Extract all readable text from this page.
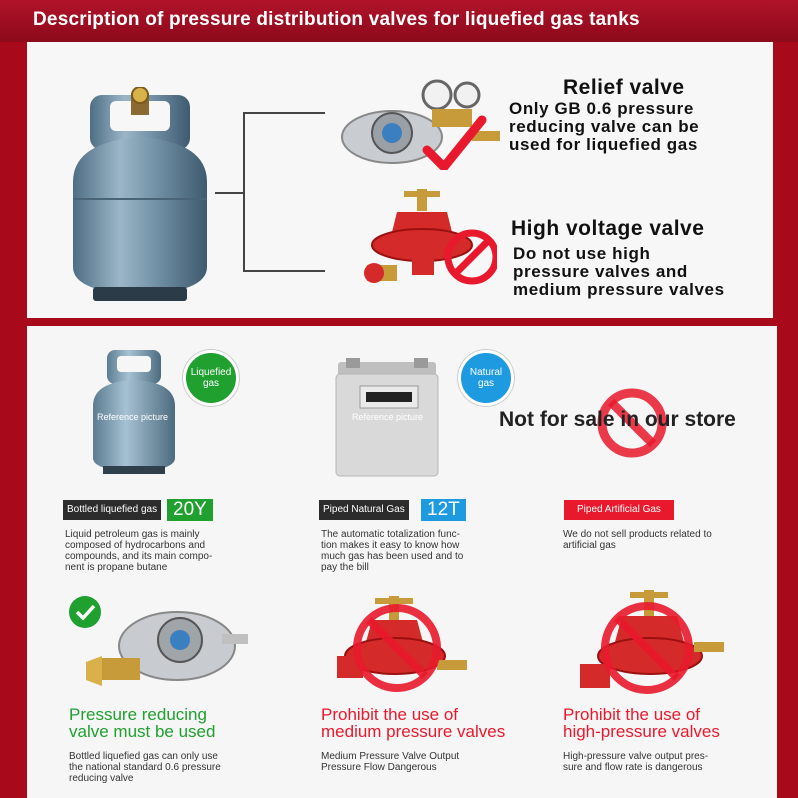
Description of pressure distribution valves for liquefied gas tanks
Relief valve
Only GB 0.6 pressure
reducing valve can be
used for liquefied gas
High voltage valve
Do not use high
pressure valves and
medium pressure valves
Reference picture
Liquefied
gas
Reference picture
Natural
gas
Not for sale in our store
Bottled liquefied gas 20Y	Piped Natural Gas	12T	Piped Artificial Gas
Liquid petroleum gas is mainly
composed of hydrocarbons and
compounds, and its main compo-
nent is propane butane
The automatic totalization func-
tion makes it easy to know how
much gas has been used and to
pay the bill
We do not sell products related to
artificial gas
Pressure reducing
valve must be used
Prohibit the use of
medium pressure valves
Prohibit the use of
high-pressure valves
Bottled liquefied gas can only use
the national standard 0.6 pressure
reducing valve
Medium Pressure Valve Output
Pressure Flow Dangerous
High-pressure valve output pres-
sure and flow rate is dangerous
